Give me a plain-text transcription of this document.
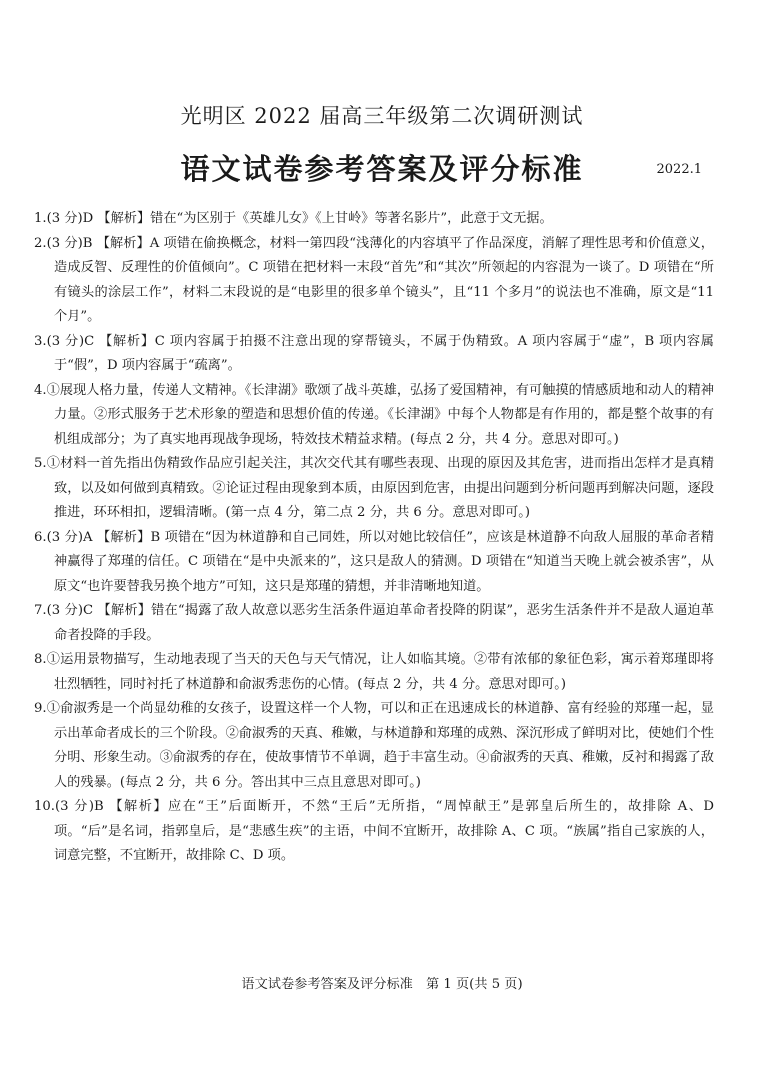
光明区 2022 届高三年级第二次调研测试
语文试卷参考答案及评分标准	2022.1
1.(3 分)D 【解析】错在“为区别于《英雄儿女》《上甘岭》等著名影片”，此意于文无据。
2.(3 分)B 【解析】A 项错在偷换概念，材料一第四段“浅薄化的内容填平了作品深度，消解了理性思考和价值意义，造成反智、反理性的价值倾向”。C 项错在把材料一末段“首先”和“其次”所领起的内容混为一谈了。D 项错在“所有镜头的涂层工作”，材料二末段说的是“电影里的很多单个镜头”，且“11 个多月”的说法也不准确，原文是“11 个月”。
3.(3 分)C 【解析】C 项内容属于拍摄不注意出现的穿帮镜头，不属于伪精致。A 项内容属于“虚”，B 项内容属于“假”，D 项内容属于“疏离”。
4.①展现人格力量，传递人文精神。《长津湖》歌颂了战斗英雄，弘扬了爱国精神，有可触摸的情感质地和动人的精神力量。②形式服务于艺术形象的塑造和思想价值的传递。《长津湖》中每个人物都是有作用的，都是整个故事的有机组成部分；为了真实地再现战争现场，特效技术精益求精。(每点 2 分，共 4 分。意思对即可。)
5.①材料一首先指出伪精致作品应引起关注，其次交代其有哪些表现、出现的原因及其危害，进而指出怎样才是真精致，以及如何做到真精致。②论证过程由现象到本质，由原因到危害，由提出问题到分析问题再到解决问题，逐段推进，环环相扣，逻辑清晰。(第一点 4 分，第二点 2 分，共 6 分。意思对即可。)
6.(3 分)A 【解析】B 项错在“因为林道静和自己同姓，所以对她比较信任”，应该是林道静不向敌人屈服的革命者精神赢得了郑瑾的信任。C 项错在“是中央派来的”，这只是敌人的猜测。D 项错在“知道当天晚上就会被杀害”，从原文“也许要替我另换个地方”可知，这只是郑瑾的猜想，并非清晰地知道。
7.(3 分)C 【解析】错在“揭露了敌人故意以恶劣生活条件逼迫革命者投降的阴谋”，恶劣生活条件并不是敌人逼迫革命者投降的手段。
8.①运用景物描写，生动地表现了当天的天色与天气情况，让人如临其境。②带有浓郁的象征色彩，寓示着郑瑾即将壮烈牺牲，同时衬托了林道静和俞淑秀悲伤的心情。(每点 2 分，共 4 分。意思对即可。)
9.①俞淑秀是一个尚显幼稚的女孩子，设置这样一个人物，可以和正在迅速成长的林道静、富有经验的郑瑾一起，显示出革命者成长的三个阶段。②俞淑秀的天真、稚嫩，与林道静和郑瑾的成熟、深沉形成了鲜明对比，使她们个性分明、形象生动。③俞淑秀的存在，使故事情节不单调，趋于丰富生动。④俞淑秀的天真、稚嫩，反衬和揭露了敌人的残暴。(每点 2 分，共 6 分。答出其中三点且意思对即可。)
10.(3 分)B 【解析】应在“王”后面断开，不然“王后”无所指，“周悼献王”是郭皇后所生的，故排除 A、D 项。“后”是名词，指郭皇后，是“悲感生疾”的主语，中间不宜断开，故排除 A、C 项。“族属”指自己家族的人，词意完整，不宜断开，故排除 C、D 项。
语文试卷参考答案及评分标准　第 1 页(共 5 页)
